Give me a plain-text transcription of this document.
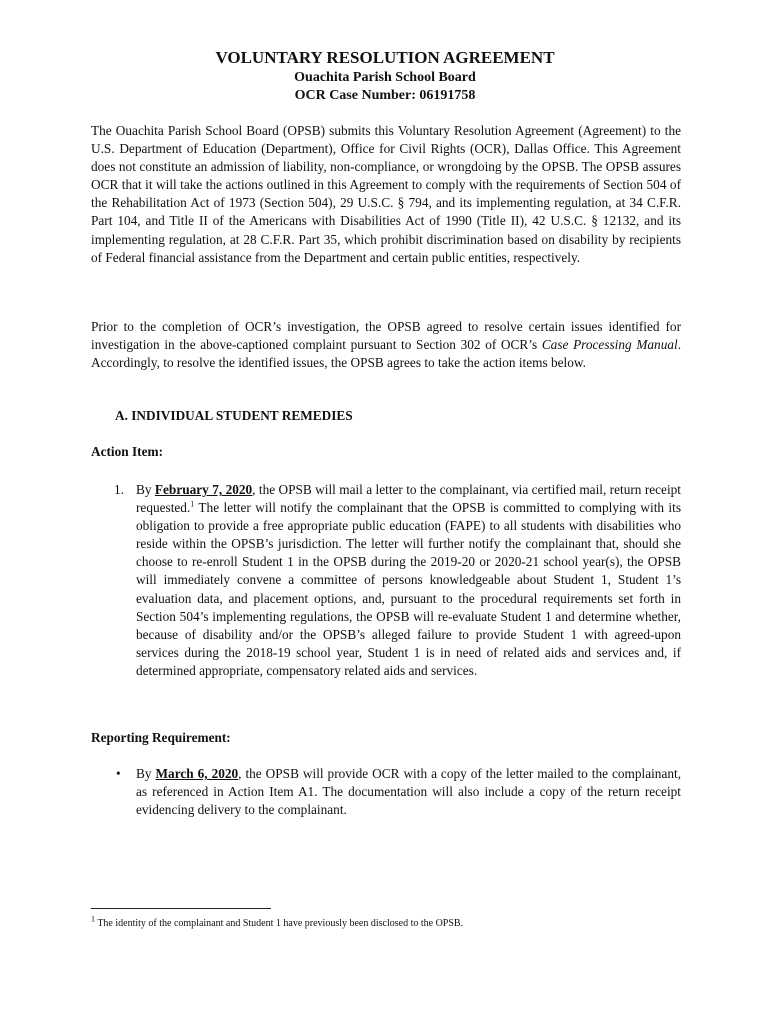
VOLUNTARY RESOLUTION AGREEMENT
Ouachita Parish School Board
OCR Case Number: 06191758

The Ouachita Parish School Board (OPSB) submits this Voluntary Resolution Agreement (Agreement) to the U.S. Department of Education (Department), Office for Civil Rights (OCR), Dallas Office. This Agreement does not constitute an admission of liability, non-compliance, or wrongdoing by the OPSB. The OPSB assures OCR that it will take the actions outlined in this Agreement to comply with the requirements of Section 504 of the Rehabilitation Act of 1973 (Section 504), 29 U.S.C. § 794, and its implementing regulation, at 34 C.F.R. Part 104, and Title II of the Americans with Disabilities Act of 1990 (Title II), 42 U.S.C. § 12132, and its implementing regulation, at 28 C.F.R. Part 35, which prohibit discrimination based on disability by recipients of Federal financial assistance from the Department and certain public entities, respectively.

Prior to the completion of OCR’s investigation, the OPSB agreed to resolve certain issues identified for investigation in the above-captioned complaint pursuant to Section 302 of OCR’s Case Processing Manual. Accordingly, to resolve the identified issues, the OPSB agrees to take the action items below.

A. INDIVIDUAL STUDENT REMEDIES
Action Item:
1. By February 7, 2020, the OPSB will mail a letter to the complainant, via certified mail, return receipt requested.$^1$ The letter will notify the complainant that the OPSB is committed to complying with its obligation to provide a free appropriate public education (FAPE) to all students with disabilities who reside within the OPSB’s jurisdiction. The letter will further notify the complainant that, should she choose to re-enroll Student 1 in the OPSB during the 2019-20 or 2020-21 school year(s), the OPSB will immediately convene a committee of persons knowledgeable about Student 1, Student 1’s evaluation data, and placement options, and, pursuant to the procedural requirements set forth in Section 504’s implementing regulations, the OPSB will re-evaluate Student 1 and determine whether, because of disability and/or the OPSB’s alleged failure to provide Student 1 with agreed-upon services during the 2018-19 school year, Student 1 is in need of related aids and services and, if determined appropriate, compensatory related aids and services.

Reporting Requirement:
• By March 6, 2020, the OPSB will provide OCR with a copy of the letter mailed to the complainant, as referenced in Action Item A1. The documentation will also include a copy of the return receipt evidencing delivery to the complainant.

$^1$ The identity of the complainant and Student 1 have previously been disclosed to the OPSB.
